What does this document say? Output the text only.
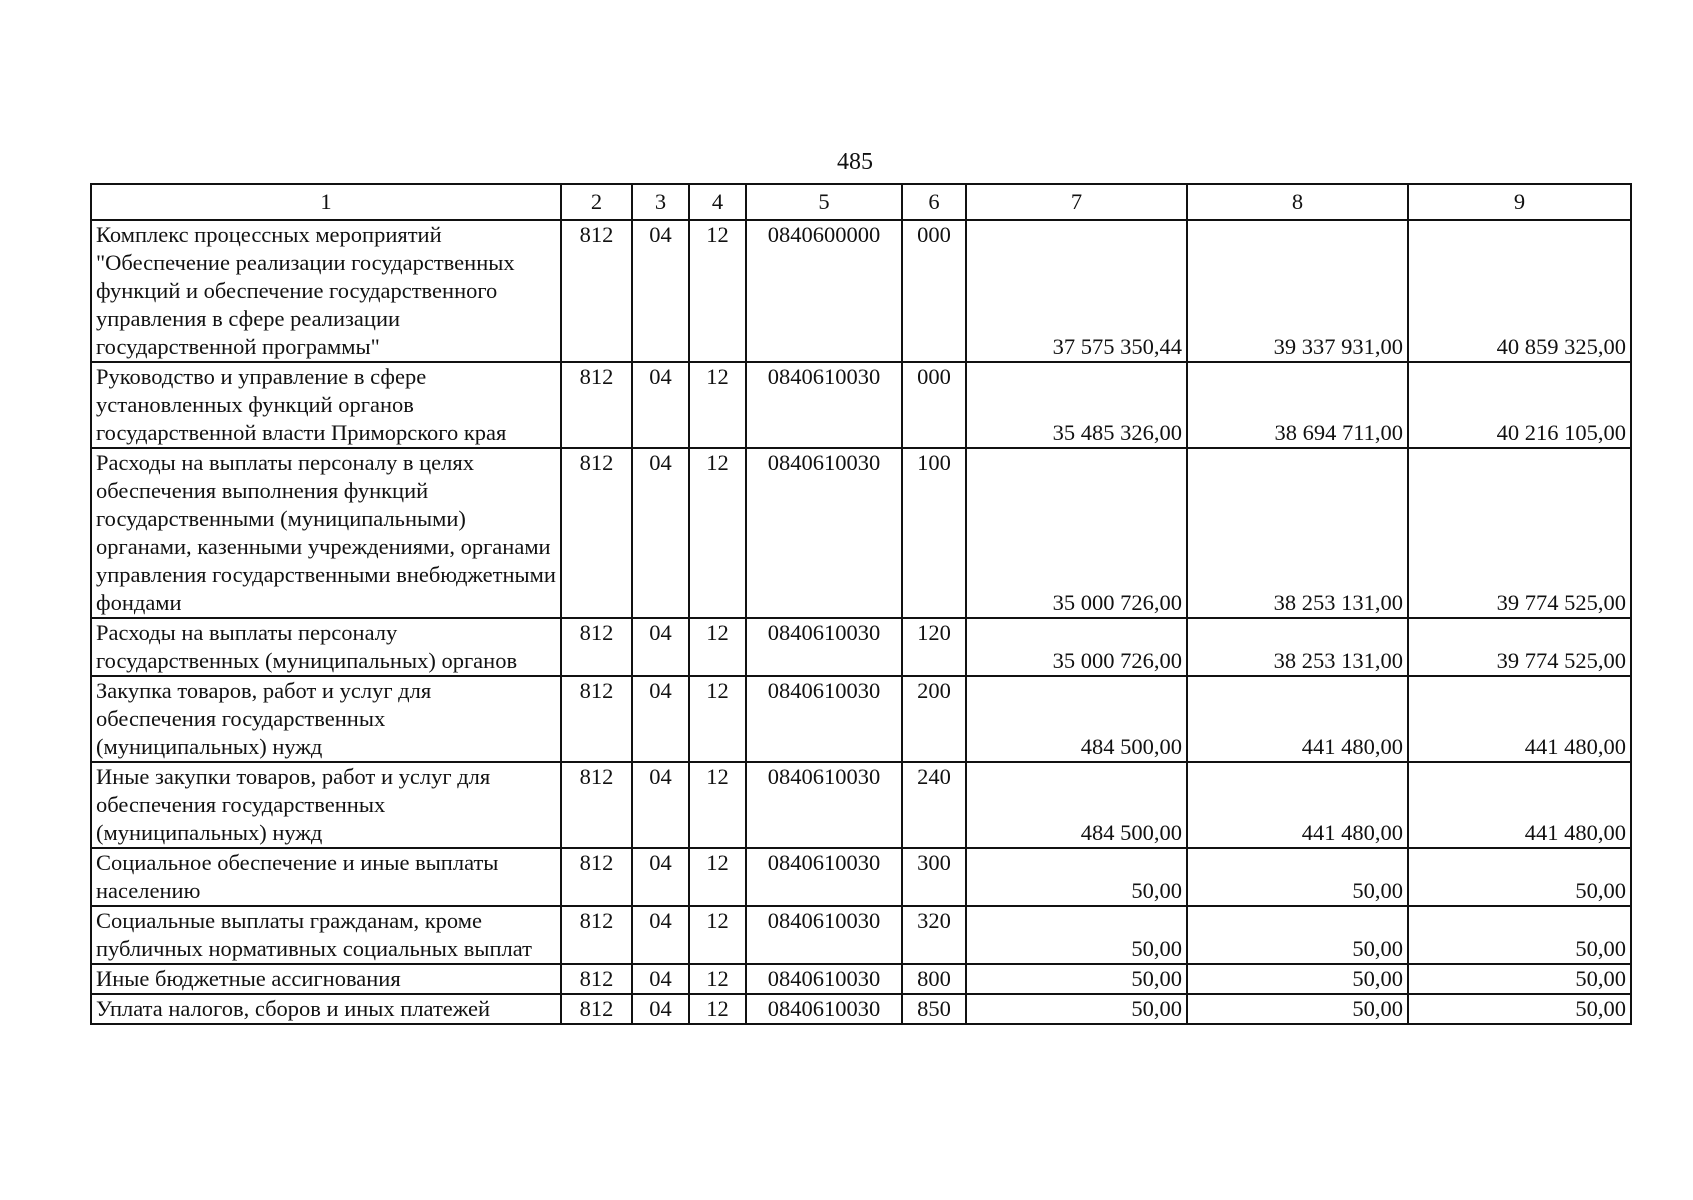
485
1	2	3	4	5	6	7	8	9
Комплекс процессных мероприятий "Обеспечение реализации государственных функций и обеспечение государственного управления в сфере реализации государственной программы"	812	04	12	0840600000	000	37 575 350,44	39 337 931,00	40 859 325,00
Руководство и управление в сфере установленных функций органов государственной власти Приморского края	812	04	12	0840610030	000	35 485 326,00	38 694 711,00	40 216 105,00
Расходы на выплаты персоналу в целях обеспечения выполнения функций государственными (муниципальными) органами, казенными учреждениями, органами управления государственными внебюджетными фондами	812	04	12	0840610030	100	35 000 726,00	38 253 131,00	39 774 525,00
Расходы на выплаты персоналу государственных (муниципальных) органов	812	04	12	0840610030	120	35 000 726,00	38 253 131,00	39 774 525,00
Закупка товаров, работ и услуг для обеспечения государственных (муниципальных) нужд	812	04	12	0840610030	200	484 500,00	441 480,00	441 480,00
Иные закупки товаров, работ и услуг для обеспечения государственных (муниципальных) нужд	812	04	12	0840610030	240	484 500,00	441 480,00	441 480,00
Социальное обеспечение и иные выплаты населению	812	04	12	0840610030	300	50,00	50,00	50,00
Социальные выплаты гражданам, кроме публичных нормативных социальных выплат	812	04	12	0840610030	320	50,00	50,00	50,00
Иные бюджетные ассигнования	812	04	12	0840610030	800	50,00	50,00	50,00
Уплата налогов, сборов и иных платежей	812	04	12	0840610030	850	50,00	50,00	50,00
